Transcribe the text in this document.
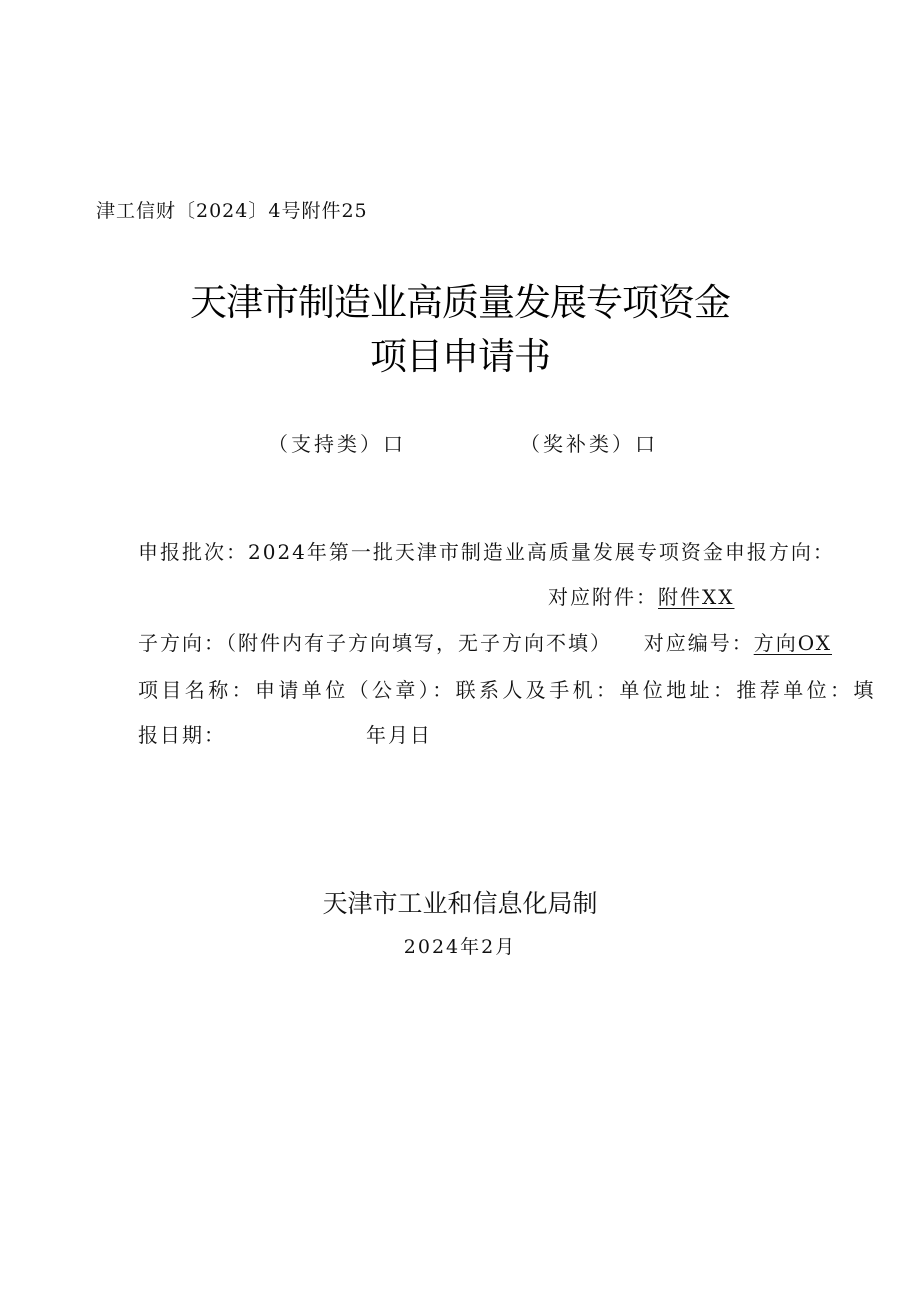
津工信财〔2024〕4号附件25
天津市制造业高质量发展专项资金
项目申请书
（支持类）口	（奖补类）口
申报批次：2024年第一批天津市制造业高质量发展专项资金申报方向：
对应附件：附件XX
子方向：（附件内有子方向填写，无子方向不填） 对应编号：方向OX
项目名称：申请单位（公章）：联系人及手机：单位地址：推荐单位：填
报日期：	年月日
天津市工业和信息化局制
2024年2月
